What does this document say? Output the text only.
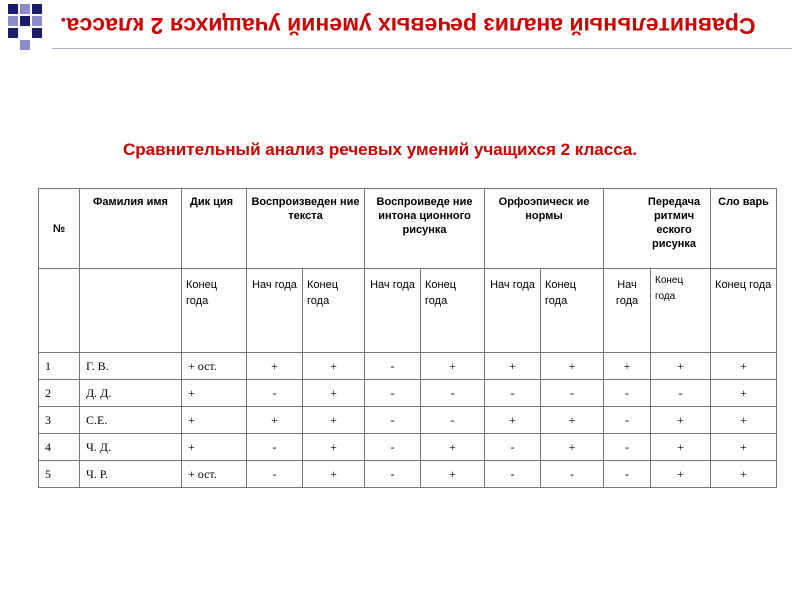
Сравнительный анализ речевых умений учащихся 2 класса.
Сравнительный анализ речевых умений учащихся 2 класса.
№	Фамилия имя	Дик ция	Воспроизведен ние текста		Воспроиведе ние интона ционного рисунка		Орфоэпическ ие нормы		Передача ритмич еского рисунка		Сло варь
		Конец года	Нач года	Конец года	Нач года	Конец года	Нач года	Конец года	Нач года	Конец года	Конец года
1	Г. В.	+ ост.	+	+	-	+	+	+	+	+	+
2	Д. Д.	+	-	+	-	-	-	-	-	-	+
3	С.Е.	+	+	+	-	-	+	+	-	+	+
4	Ч. Д.	+	-	+	-	+	-	+	-	+	+
5	Ч. Р.	+ ост.	-	+	-	+	-	-	-	+	+
